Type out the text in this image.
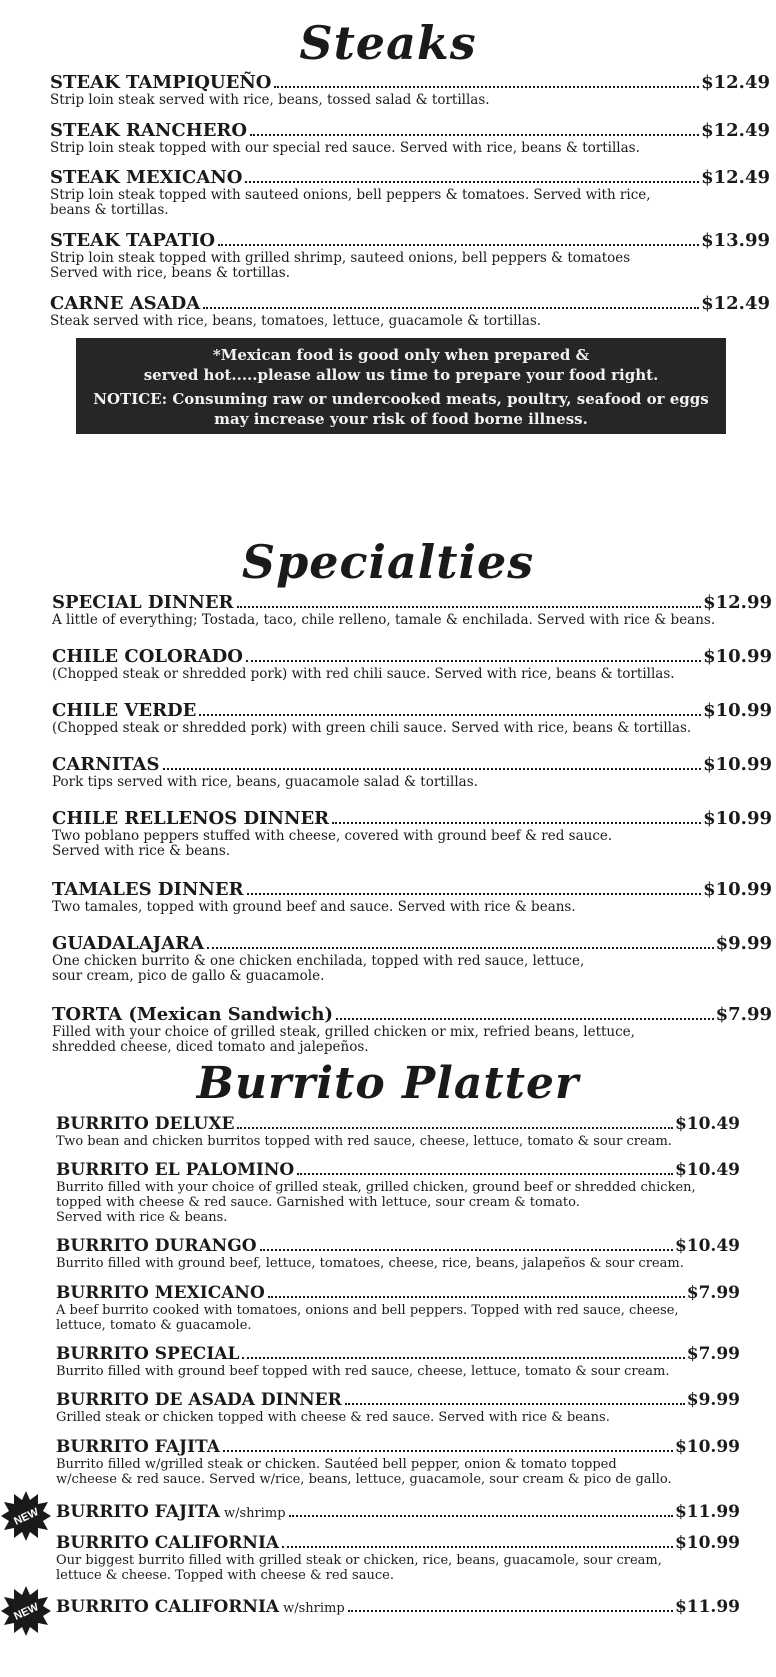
Steaks
STEAK TAMPIQUEÑO	$12.49
Strip loin steak served with rice, beans, tossed salad & tortillas.
STEAK RANCHERO	$12.49
Strip loin steak topped with our special red sauce. Served with rice, beans & tortillas.
STEAK MEXICANO	$12.49
Strip loin steak topped with sauteed onions, bell peppers & tomatoes. Served with rice,
beans & tortillas.
STEAK TAPATIO	$13.99
Strip loin steak topped with grilled shrimp, sauteed onions, bell peppers & tomatoes
Served with rice, beans & tortillas.
CARNE ASADA	$12.49
Steak served with rice, beans, tomatoes, lettuce, guacamole & tortillas.

*Mexican food is good only when prepared &
served hot.....please allow us time to prepare your food right.

NOTICE: Consuming raw or undercooked meats, poultry, seafood or eggs
may increase your risk of food borne illness.

Specialties
SPECIAL DINNER	$12.99
A little of everything; Tostada, taco, chile relleno, tamale & enchilada. Served with rice & beans.
CHILE COLORADO	$10.99
(Chopped steak or shredded pork) with red chili sauce. Served with rice, beans & tortillas.
CHILE VERDE	$10.99
(Chopped steak or shredded pork) with green chili sauce. Served with rice, beans & tortillas.
CARNITAS	$10.99
Pork tips served with rice, beans, guacamole salad & tortillas.
CHILE RELLENOS DINNER	$10.99
Two poblano peppers stuffed with cheese, covered with ground beef & red sauce.
Served with rice & beans.
TAMALES DINNER	$10.99
Two tamales, topped with ground beef and sauce. Served with rice & beans.
GUADALAJARA	$9.99
One chicken burrito & one chicken enchilada, topped with red sauce, lettuce,
sour cream, pico de gallo & guacamole.
TORTA (Mexican Sandwich)	$7.99
Filled with your choice of grilled steak, grilled chicken or mix, refried beans, lettuce,
shredded cheese, diced tomato and jalepeños.
Burrito Platter
BURRITO DELUXE	$10.49
Two bean and chicken burritos topped with red sauce, cheese, lettuce, tomato & sour cream.
BURRITO EL PALOMINO	$10.49
Burrito filled with your choice of grilled steak, grilled chicken, ground beef or shredded chicken,
topped with cheese & red sauce. Garnished with lettuce, sour cream & tomato.
Served with rice & beans.
BURRITO DURANGO	$10.49
Burrito filled with ground beef, lettuce, tomatoes, cheese, rice, beans, jalapeños & sour cream.
BURRITO MEXICANO	$7.99
A beef burrito cooked with tomatoes, onions and bell peppers. Topped with red sauce, cheese,
lettuce, tomato & guacamole.
BURRITO SPECIAL	$7.99
Burrito filled with ground beef topped with red sauce, cheese, lettuce, tomato & sour cream.
BURRITO DE ASADA DINNER	$9.99
Grilled steak or chicken topped with cheese & red sauce. Served with rice & beans.
BURRITO FAJITA	$10.99
Burrito filled w/grilled steak or chicken. Sautéed bell pepper, onion & tomato topped
w/cheese & red sauce. Served w/rice, beans, lettuce, guacamole, sour cream & pico de gallo.
NEW BURRITO FAJITA w/shrimp	$11.99
BURRITO CALIFORNIA	$10.99
Our biggest burrito filled with grilled steak or chicken, rice, beans, guacamole, sour cream,
lettuce & cheese. Topped with cheese & red sauce.
NEW BURRITO CALIFORNIA w/shrimp	$11.99
